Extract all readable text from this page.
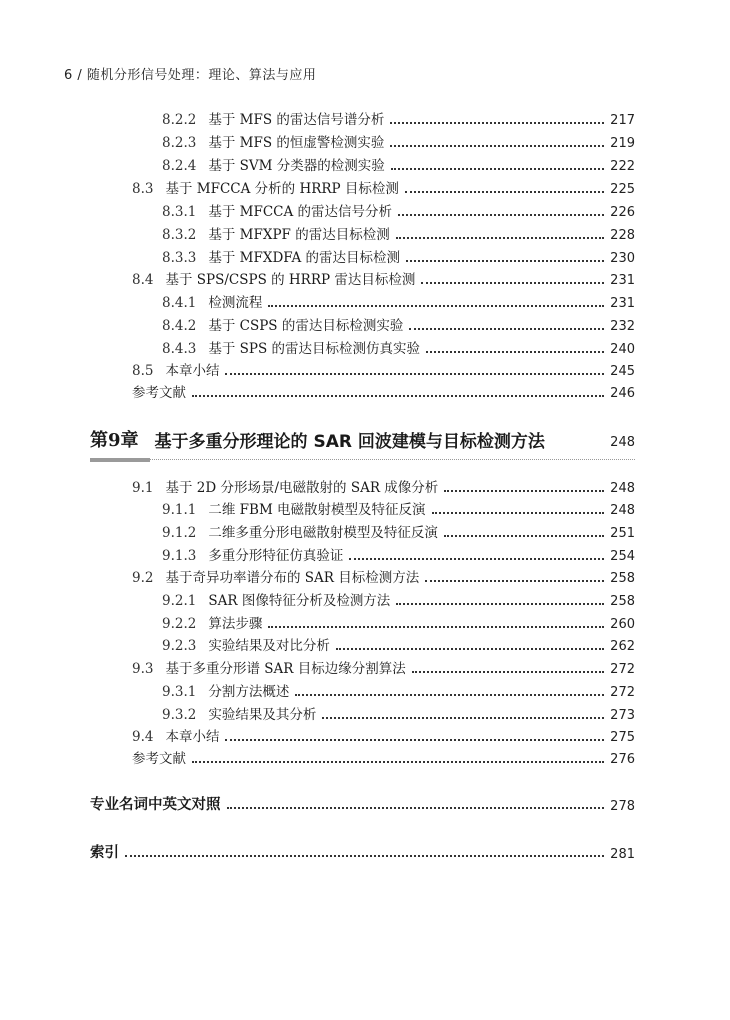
6 / 随机分形信号处理：理论、算法与应用
8.2.2 基于 MFS 的雷达信号谱分析	217
8.2.3 基于 MFS 的恒虚警检测实验	219
8.2.4 基于 SVM 分类器的检测实验	222
8.3 基于 MFCCA 分析的 HRRP 目标检测	225
8.3.1 基于 MFCCA 的雷达信号分析	226
8.3.2 基于 MFXPF 的雷达目标检测	228
8.3.3 基于 MFXDFA 的雷达目标检测	230
8.4 基于 SPS/CSPS 的 HRRP 雷达目标检测	231
8.4.1 检测流程	231
8.4.2 基于 CSPS 的雷达目标检测实验	232
8.4.3 基于 SPS 的雷达目标检测仿真实验	240
8.5 本章小结	245
参考文献	246
第9章 基于多重分形理论的 SAR 回波建模与目标检测方法	248
9.1 基于 2D 分形场景/电磁散射的 SAR 成像分析	248
9.1.1 二维 FBM 电磁散射模型及特征反演	248
9.1.2 二维多重分形电磁散射模型及特征反演	251
9.1.3 多重分形特征仿真验证	254
9.2 基于奇异功率谱分布的 SAR 目标检测方法	258
9.2.1 SAR 图像特征分析及检测方法	258
9.2.2 算法步骤	260
9.2.3 实验结果及对比分析	262
9.3 基于多重分形谱 SAR 目标边缘分割算法	272
9.3.1 分割方法概述	272
9.3.2 实验结果及其分析	273
9.4 本章小结	275
参考文献	276
专业名词中英文对照	278
索引	281
